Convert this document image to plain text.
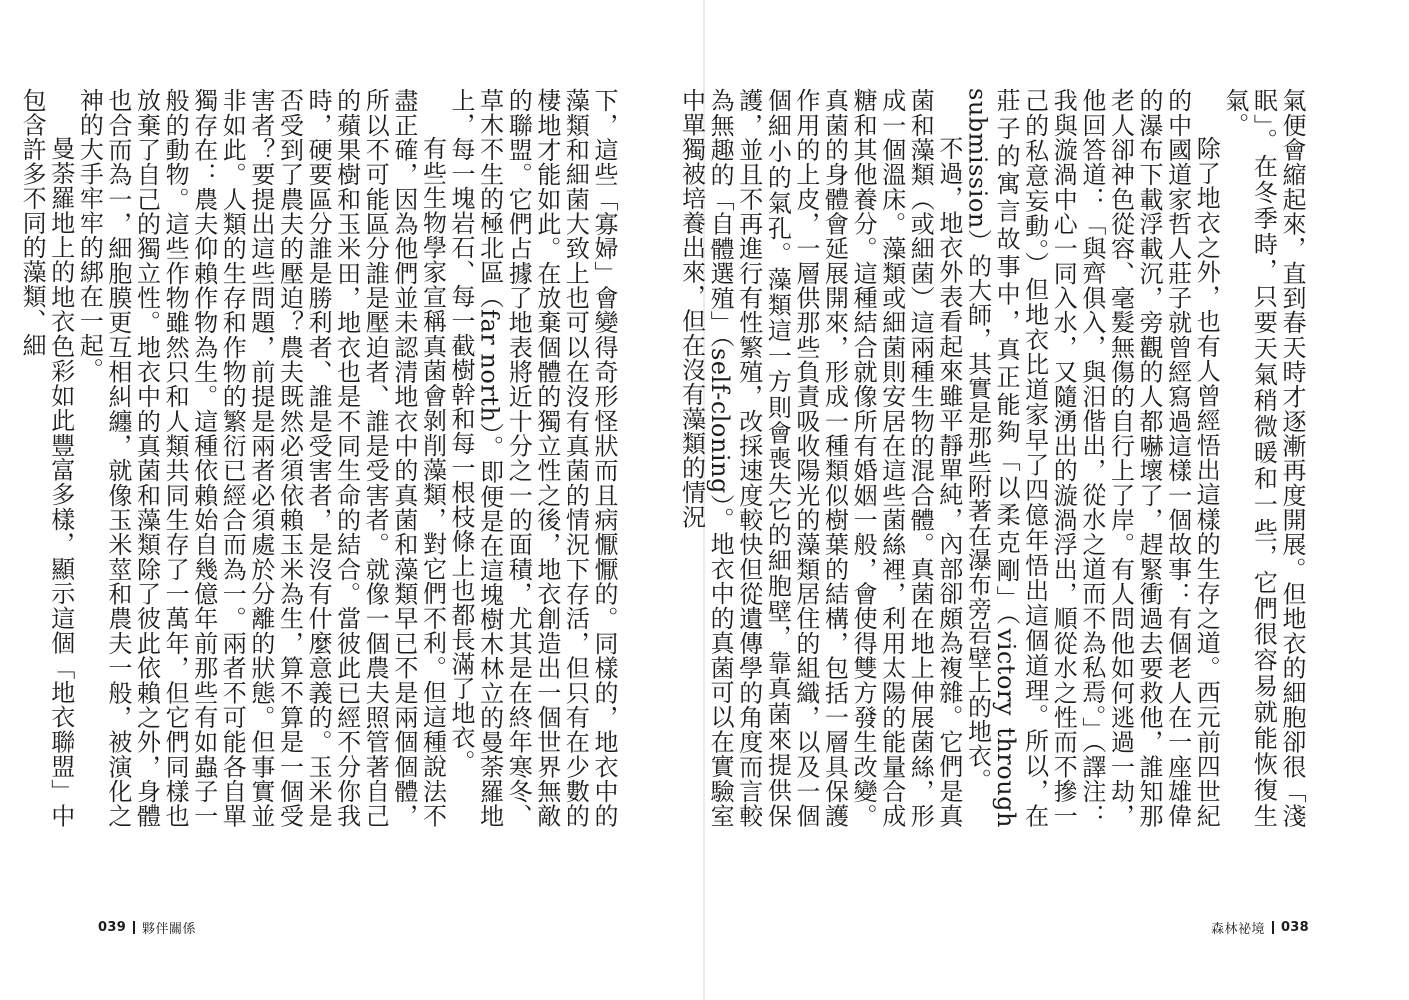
下，這些「寡婦」會變得奇形怪狀而且病懨懨的。同樣的，地衣中的藻類和細菌大致上也可以在沒有真菌的情況下存活，但只有在少數的棲地才能如此。在放棄個體的獨立性之後，地衣創造出一個世界無敵的聯盟。它們占據了地表將近十分之一的面積，尤其是在終年寒冬、草木不生的極北區（far north）。即便是在這塊樹木林立的曼荼羅地上，每一塊岩石、每一截樹幹和每一根枝條上也都長滿了地衣。

有些生物學家宣稱真菌會剝削藻類，對它們不利。但這種說法不盡正確，因為他們並未認清地衣中的真菌和藻類早已不是兩個個體，所以不可能區分誰是壓迫者、誰是受害者。就像一個農夫照管著自己的蘋果樹和玉米田，地衣也是不同生命的結合。當彼此已經不分你我時，硬要區分誰是勝利者、誰是受害者，是沒有什麼意義的。玉米是否受到了農夫的壓迫？農夫既然必須依賴玉米為生，算不算是一個受害者？要提出這些問題，前提是兩者必須處於分離的狀態。但事實並非如此。人類的生存和作物的繁衍已經合而為一。兩者不可能各自單獨存在：農夫仰賴作物為生。這種依賴始自幾億年前那些有如蟲子一般的動物。這些作物雖然只和人類共同生存了一萬年，但它們同樣也放棄了自己的獨立性。地衣中的真菌和藻類除了彼此依賴之外，身體也合而為一，細胞膜更互相糾纏，就像玉米莖和農夫一般，被演化之神的大手牢牢的綁在一起。

曼荼羅地上的地衣色彩如此豐富多樣，顯示這個「地衣聯盟」中包含許多不同的藻類、細

039 夥伴關係

氣便會縮起來，直到春天時才逐漸再度開展。但地衣的細胞卻很「淺眠」。在冬季時，只要天氣稍微暖和一些，它們很容易就能恢復生氣。

除了地衣之外，也有人曾經悟出這樣的生存之道。西元前四世紀的中國道家哲人莊子就曾經寫過這樣一個故事：有個老人在一座雄偉的瀑布下載浮載沉，旁觀的人都嚇壞了，趕緊衝過去要救他，誰知那老人卻神色從容、毫髮無傷的自行上了岸。有人問他如何逃過一劫，他回答道：「與齊俱入，與汨偕出，從水之道而不為私焉。」（譯注：我與漩渦中心一同入水，又隨湧出的漩渦浮出，順從水之性而不摻一己的私意妄動。）但地衣比道家早了四億年悟出這個道理。所以，在莊子的寓言故事中，真正能夠「以柔克剛」（victory through submission）的大師，其實是那些附著在瀑布旁岩壁上的地衣。

不過，地衣外表看起來雖平靜單純，內部卻頗為複雜。它們是真菌和藻類（或細菌）這兩種生物的混合體。真菌在地上伸展菌絲，形成一個溫床。藻類或細菌則安居在這些菌絲裡，利用太陽的能量合成糖和其他養分。這種結合就像所有婚姻一般，會使得雙方發生改變。真菌的身體會延展開來，形成一種類似樹葉的結構，包括一層具保護作用的上皮，一層供那些負責吸收陽光的藻類居住的組織，以及一個個細小的氣孔。藻類這一方則會喪失它的細胞壁，靠真菌來提供保護，並且不再進行有性繁殖，改採速度較快但從遺傳學的角度而言較為無趣的「自體選殖」（self-cloning）。地衣中的真菌可以在實驗室中單獨被培養出來，但在沒有藻類的情況

森林祕境 038
